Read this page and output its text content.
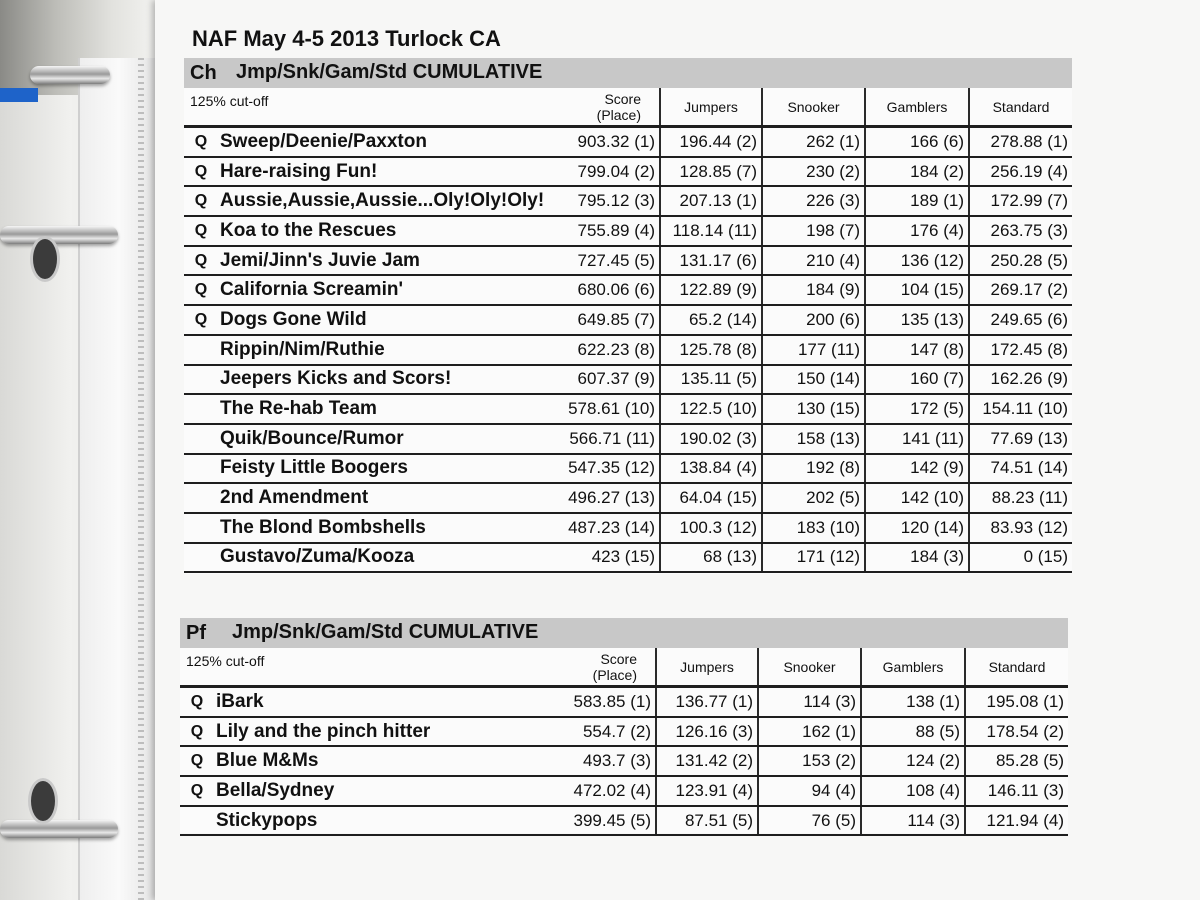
NAF May 4-5 2013 Turlock CA
Ch Jmp/Snk/Gam/Std CUMULATIVE
125% cut-off		Score (Place)	Jumpers	Snooker	Gamblers	Standard
Q	Sweep/Deenie/Paxxton	903.32 (1)	196.44 (2)	262 (1)	166 (6)	278.88 (1)
Q	Hare-raising Fun!	799.04 (2)	128.85 (7)	230 (2)	184 (2)	256.19 (4)
Q	Aussie,Aussie,Aussie...Oly!Oly!Oly!	795.12 (3)	207.13 (1)	226 (3)	189 (1)	172.99 (7)
Q	Koa to the Rescues	755.89 (4)	118.14 (11)	198 (7)	176 (4)	263.75 (3)
Q	Jemi/Jinn's Juvie Jam	727.45 (5)	131.17 (6)	210 (4)	136 (12)	250.28 (5)
Q	California Screamin'	680.06 (6)	122.89 (9)	184 (9)	104 (15)	269.17 (2)
Q	Dogs Gone Wild	649.85 (7)	65.2 (14)	200 (6)	135 (13)	249.65 (6)
	Rippin/Nim/Ruthie	622.23 (8)	125.78 (8)	177 (11)	147 (8)	172.45 (8)
	Jeepers Kicks and Scors!	607.37 (9)	135.11 (5)	150 (14)	160 (7)	162.26 (9)
	The Re-hab Team	578.61 (10)	122.5 (10)	130 (15)	172 (5)	154.11 (10)
	Quik/Bounce/Rumor	566.71 (11)	190.02 (3)	158 (13)	141 (11)	77.69 (13)
	Feisty Little Boogers	547.35 (12)	138.84 (4)	192 (8)	142 (9)	74.51 (14)
	2nd Amendment	496.27 (13)	64.04 (15)	202 (5)	142 (10)	88.23 (11)
	The Blond Bombshells	487.23 (14)	100.3 (12)	183 (10)	120 (14)	83.93 (12)
	Gustavo/Zuma/Kooza	423 (15)	68 (13)	171 (12)	184 (3)	0 (15)
Pf Jmp/Snk/Gam/Std CUMULATIVE
125% cut-off		Score (Place)	Jumpers	Snooker	Gamblers	Standard
Q	iBark	583.85 (1)	136.77 (1)	114 (3)	138 (1)	195.08 (1)
Q	Lily and the pinch hitter	554.7 (2)	126.16 (3)	162 (1)	88 (5)	178.54 (2)
Q	Blue M&Ms	493.7 (3)	131.42 (2)	153 (2)	124 (2)	85.28 (5)
Q	Bella/Sydney	472.02 (4)	123.91 (4)	94 (4)	108 (4)	146.11 (3)
	Stickypops	399.45 (5)	87.51 (5)	76 (5)	114 (3)	121.94 (4)
